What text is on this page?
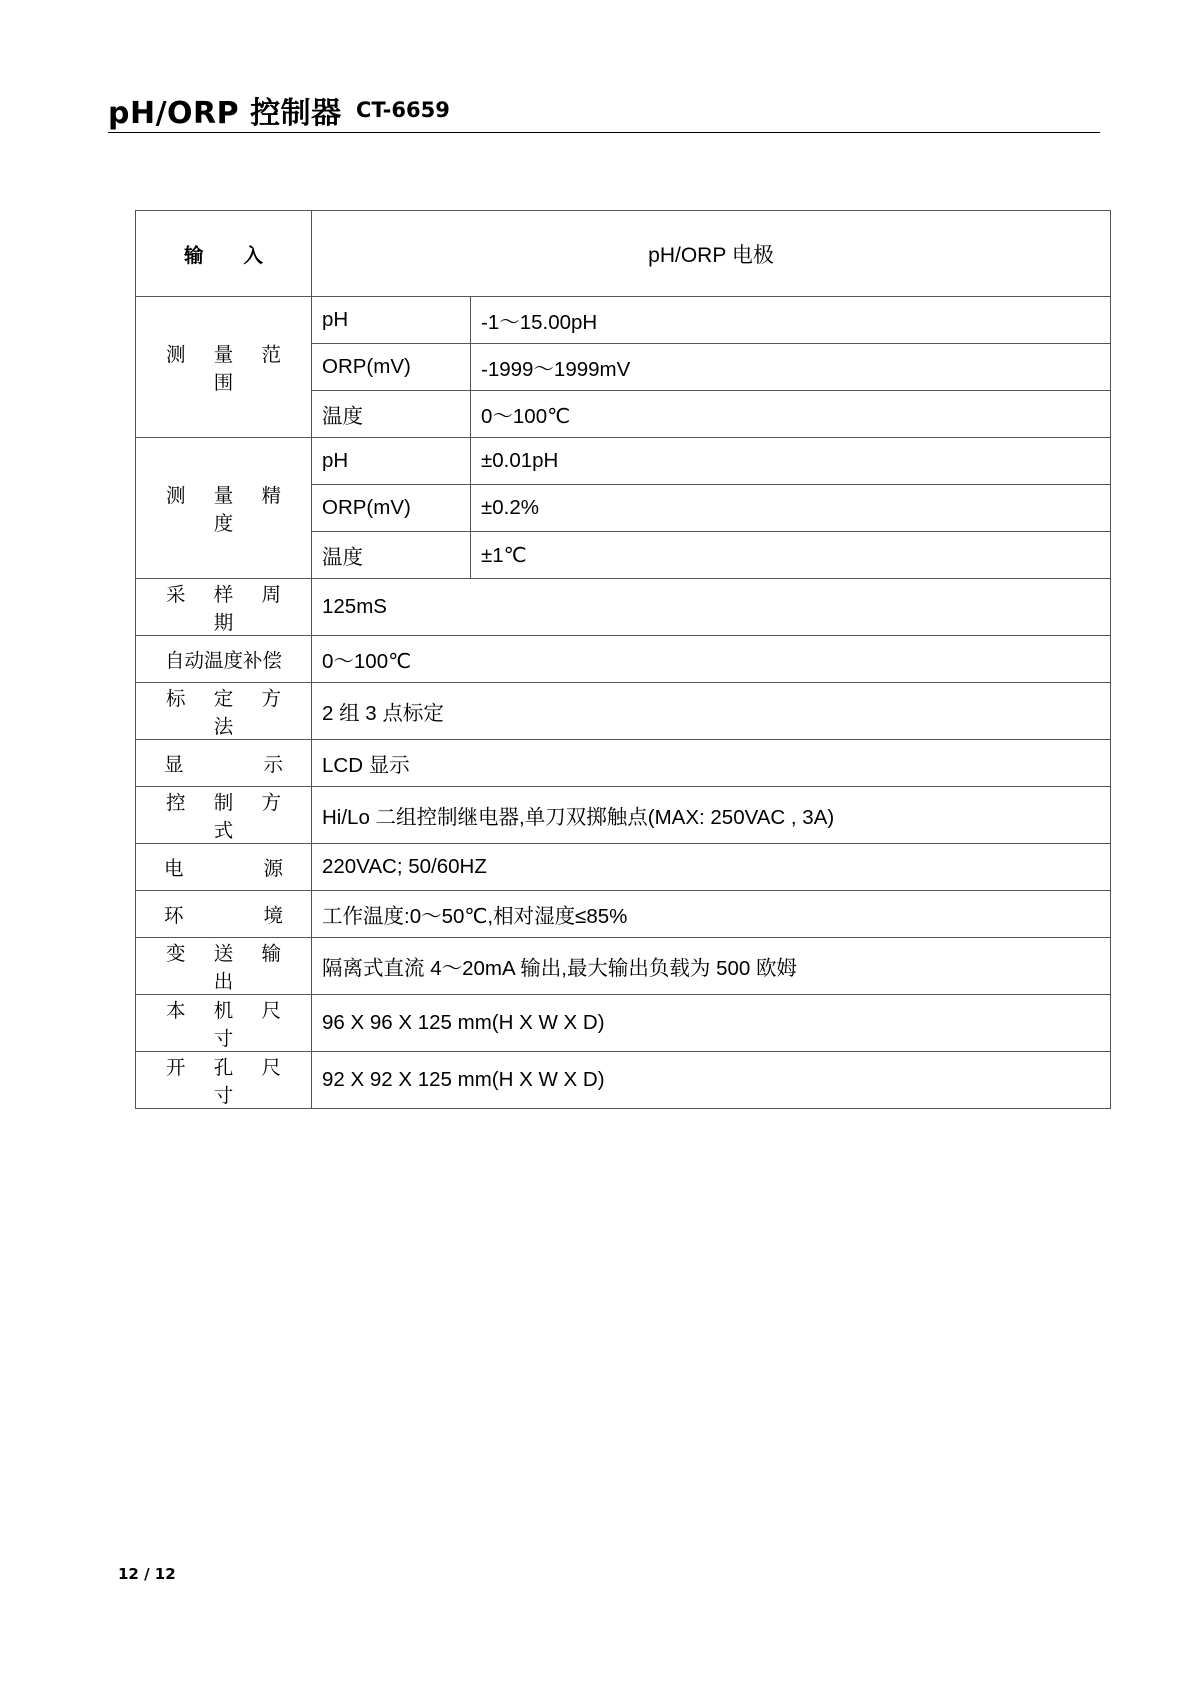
pH/ORP 控制器 CT-6659
输 入	pH/ORP 电极	
测 量 范 围	pH	-1～15.00pH
	ORP(mV)	-1999～1999mV
	温度	0～100℃
测 量 精 度	pH	±0.01pH
	ORP(mV)	±0.2%
	温度	±1℃
采 样 周 期	125mS	
自动温度补偿	0～100℃	
标 定 方 法	2 组 3 点标定	
显 示	LCD 显示	
控 制 方 式	Hi/Lo 二组控制继电器,单刀双掷触点(MAX: 250VAC , 3A)	
电 源	220VAC; 50/60HZ	
环 境	工作温度:0～50℃,相对湿度≤85%	
变 送 输 出	隔离式直流 4～20mA 输出,最大输出负载为 500 欧姆	
本 机 尺 寸	96 X 96 X 125 mm(H X W X D)	
开 孔 尺 寸	92 X 92 X 125 mm(H X W X D)	
12 / 12
